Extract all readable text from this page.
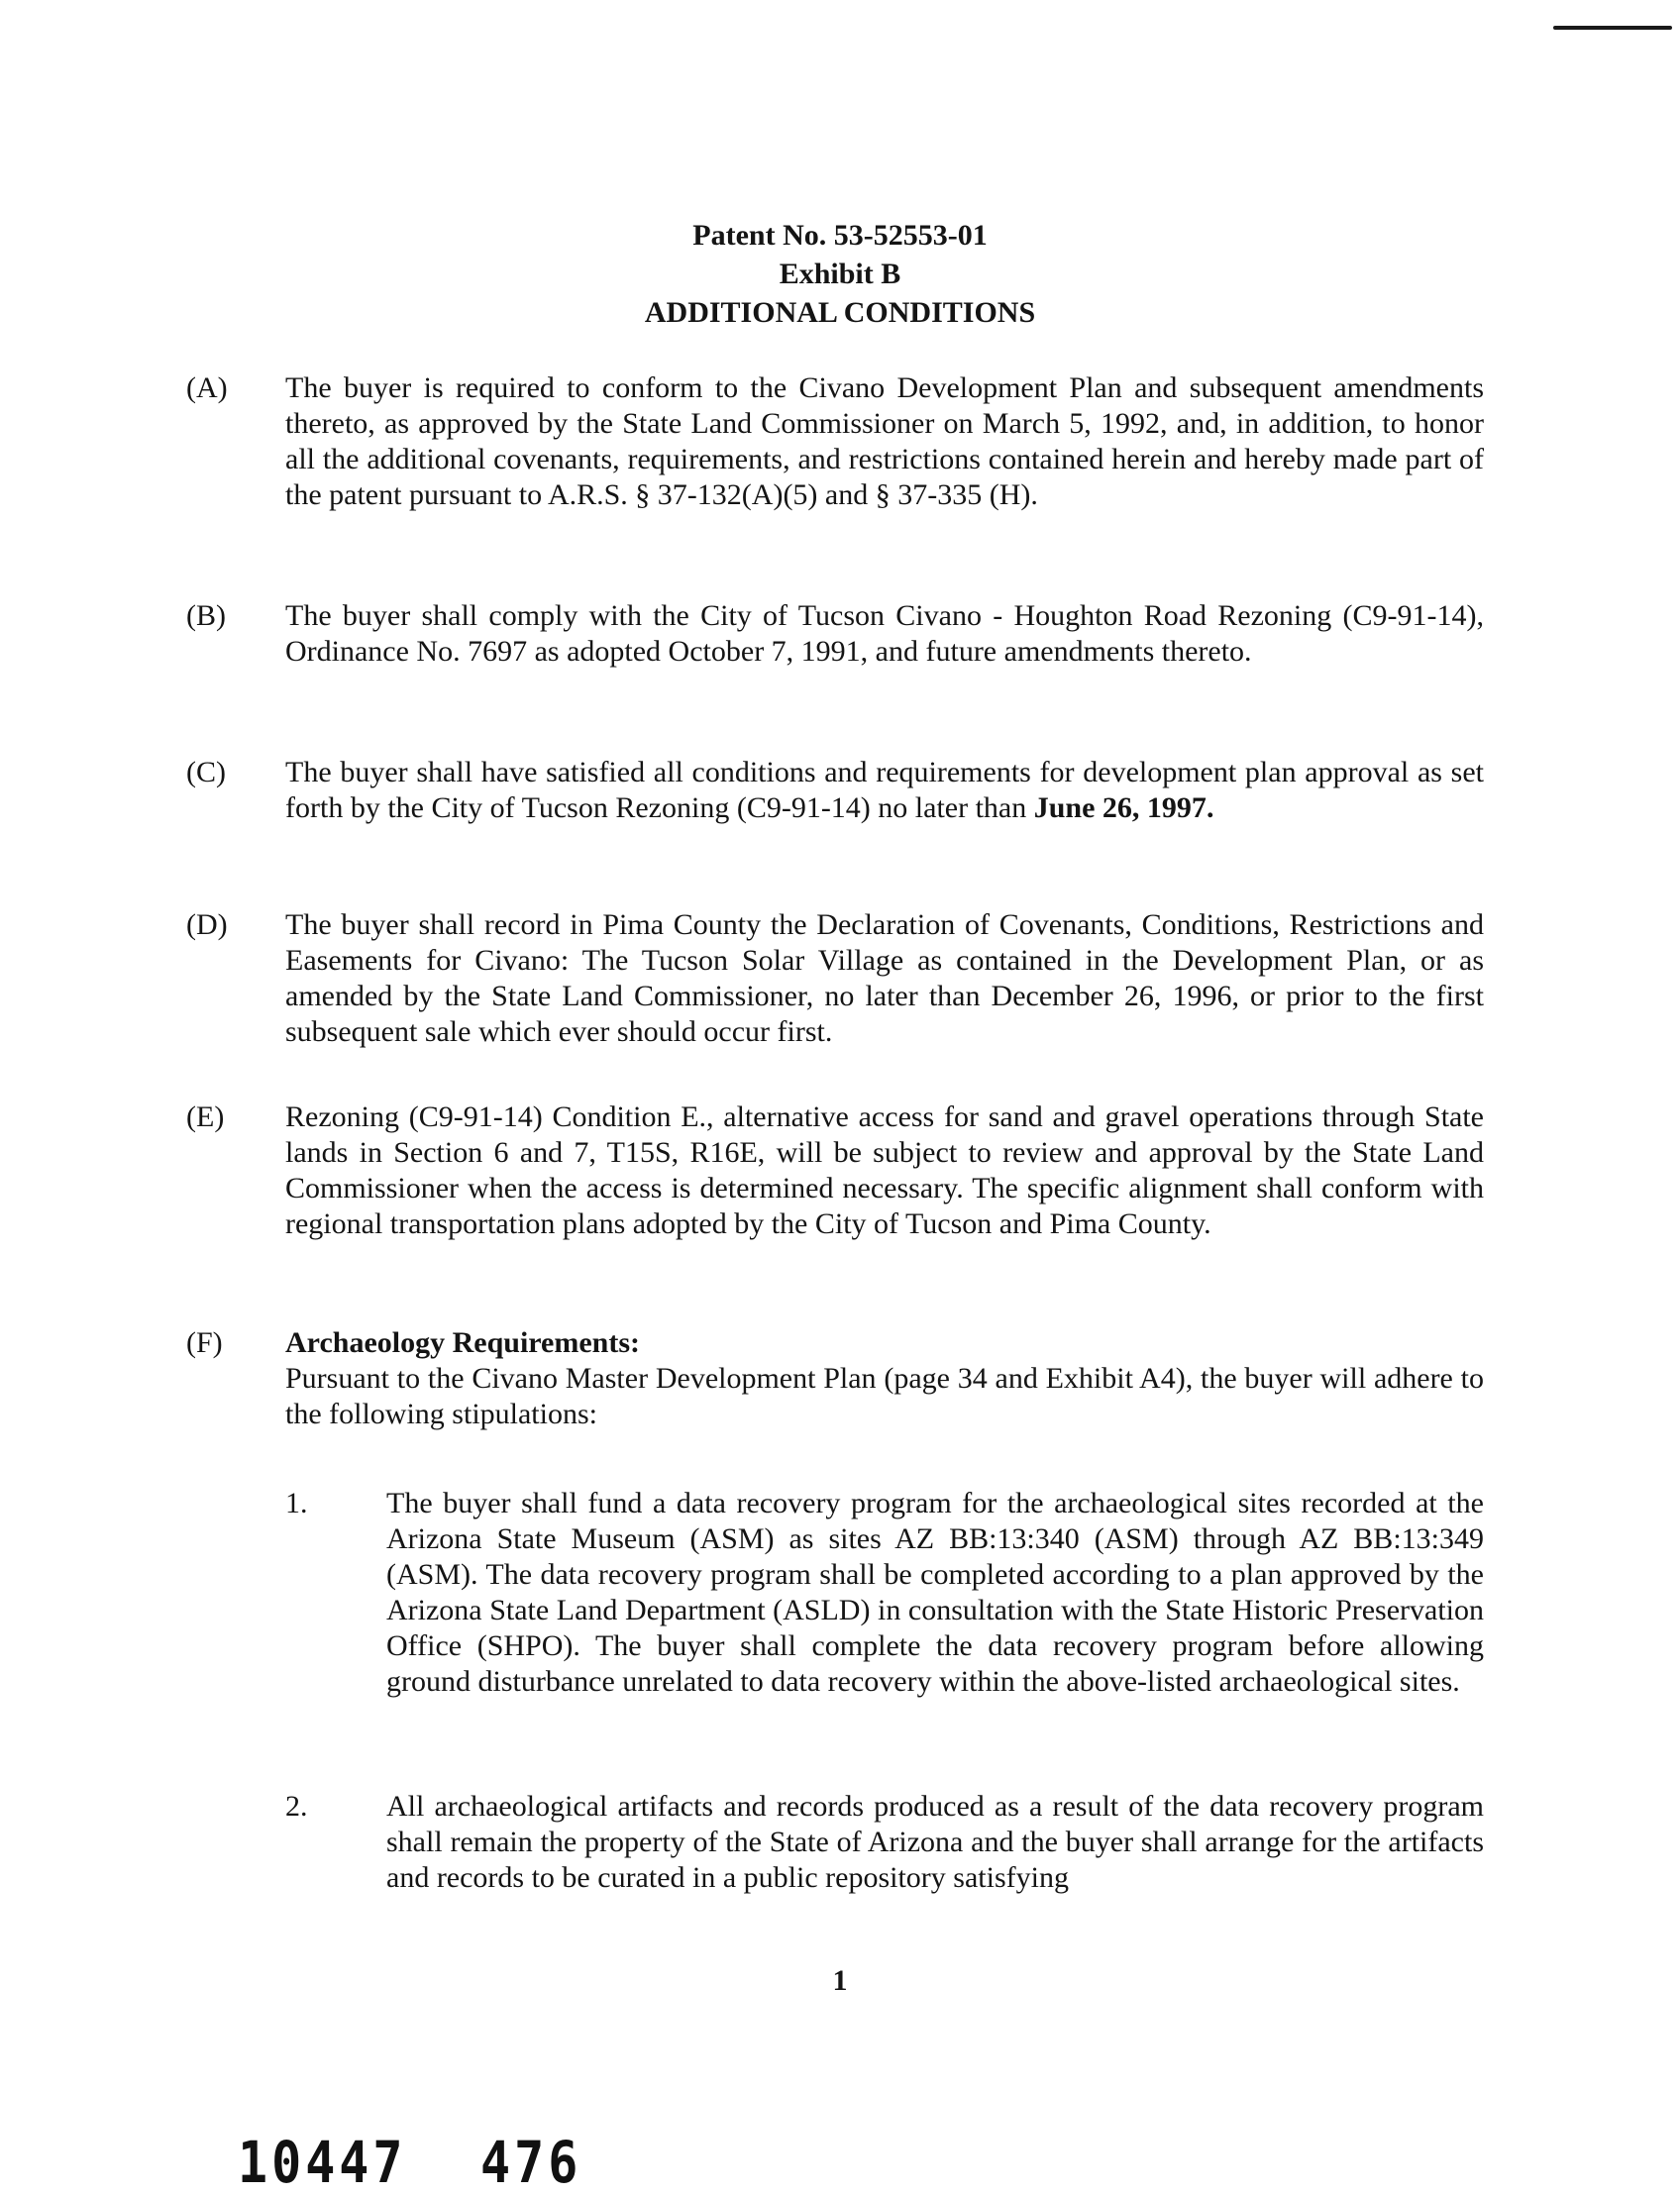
Patent No. 53-52553-01
Exhibit B
ADDITIONAL CONDITIONS
(A) The buyer is required to conform to the Civano Development Plan and subsequent amendments thereto, as approved by the State Land Commissioner on March 5, 1992, and, in addition, to honor all the additional covenants, requirements, and restrictions contained herein and hereby made part of the patent pursuant to A.R.S. § 37-132(A)(5) and § 37-335 (H).
(B) The buyer shall comply with the City of Tucson Civano - Houghton Road Rezoning (C9-91-14), Ordinance No. 7697 as adopted October 7, 1991, and future amendments thereto.
(C) The buyer shall have satisfied all conditions and requirements for development plan approval as set forth by the City of Tucson Rezoning (C9-91-14) no later than June 26, 1997.
(D) The buyer shall record in Pima County the Declaration of Covenants, Conditions, Restrictions and Easements for Civano: The Tucson Solar Village as contained in the Development Plan, or as amended by the State Land Commissioner, no later than December 26, 1996, or prior to the first subsequent sale which ever should occur first.
(E) Rezoning (C9-91-14) Condition E., alternative access for sand and gravel operations through State lands in Section 6 and 7, T15S, R16E, will be subject to review and approval by the State Land Commissioner when the access is determined necessary. The specific alignment shall conform with regional transportation plans adopted by the City of Tucson and Pima County.
(F) Archaeology Requirements:
Pursuant to the Civano Master Development Plan (page 34 and Exhibit A4), the buyer will adhere to the following stipulations:
1.	The buyer shall fund a data recovery program for the archaeological sites recorded at the Arizona State Museum (ASM) as sites AZ BB:13:340 (ASM) through AZ BB:13:349 (ASM). The data recovery program shall be completed according to a plan approved by the Arizona State Land Department (ASLD) in consultation with the State Historic Preservation Office (SHPO). The buyer shall complete the data recovery program before allowing ground disturbance unrelated to data recovery within the above-listed archaeological sites.
2.	All archaeological artifacts and records produced as a result of the data recovery program shall remain the property of the State of Arizona and the buyer shall arrange for the artifacts and records to be curated in a public repository satisfying
1
10447 476
